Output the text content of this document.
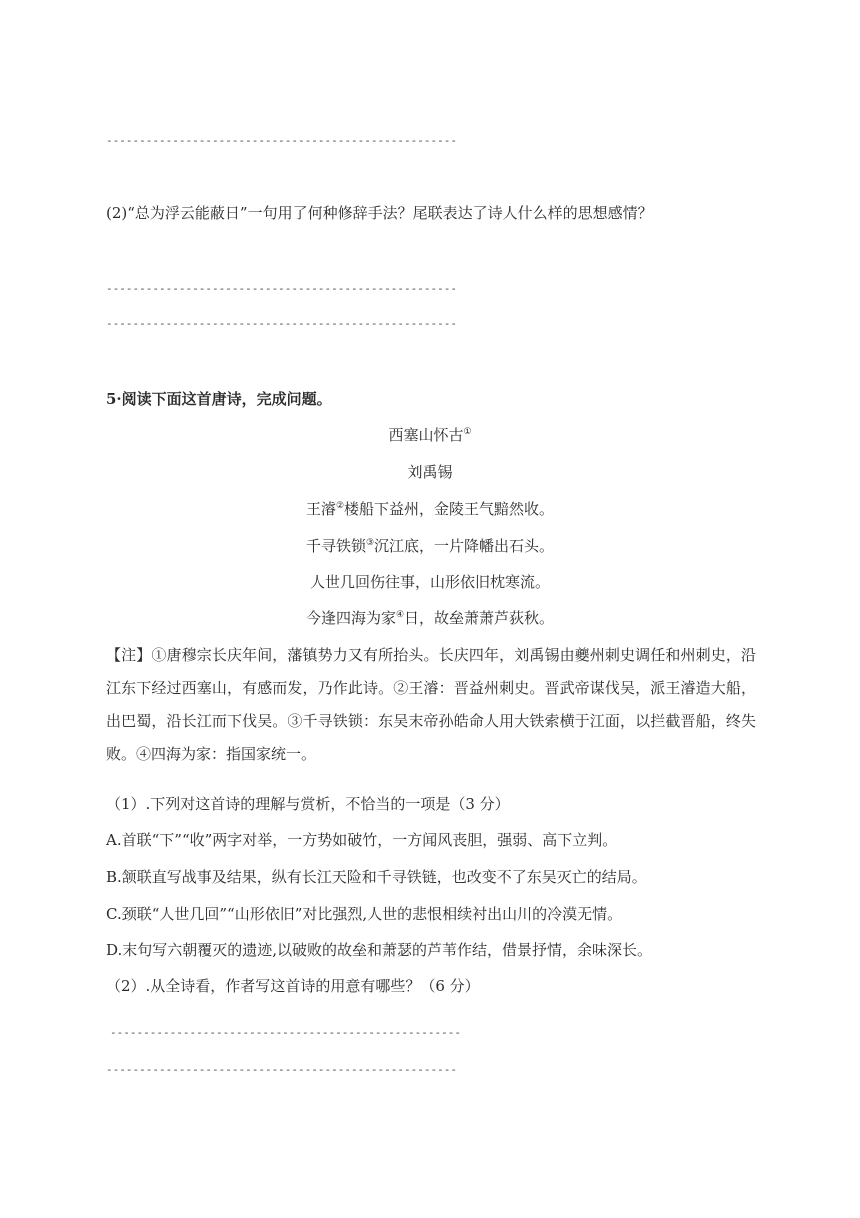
-----------------------------------------------------
(2)“总为浮云能蔽日”一句用了何种修辞手法？尾联表达了诗人什么样的思想感情？
-----------------------------------------------------
-----------------------------------------------------
5·阅读下面这首唐诗，完成问题。
西塞山怀古①
刘禹锡
王濬②楼船下益州，金陵王气黯然收。
千寻铁锁③沉江底，一片降幡出石头。
人世几回伤往事，山形依旧枕寒流。
今逢四海为家④日，故垒萧萧芦荻秋。
【注】①唐穆宗长庆年间，藩镇势力又有所抬头。长庆四年，刘禹锡由夔州刺史调任和州刺史，沿江东下经过西塞山，有感而发，乃作此诗。②王濬：晋益州刺史。晋武帝谋伐吴，派王濬造大船，出巴蜀，沿长江而下伐吴。③千寻铁锁：东吴末帝孙皓命人用大铁索横于江面，以拦截晋船，终失败。④四海为家：指国家统一。
（1）.下列对这首诗的理解与赏析，不恰当的一项是（3 分）
A.首联“下”“收”两字对举，一方势如破竹，一方闻风丧胆，强弱、高下立判。
B.颔联直写战事及结果，纵有长江天险和千寻铁链，也改变不了东吴灭亡的结局。
C.颈联“人世几回”“山形依旧”对比强烈,人世的悲恨相续衬出山川的冷漠无情。
D.末句写六朝覆灭的遗迹,以破败的故垒和萧瑟的芦苇作结，借景抒情，余味深长。
（2）.从全诗看，作者写这首诗的用意有哪些？（6 分）
-----------------------------------------------------
-----------------------------------------------------
